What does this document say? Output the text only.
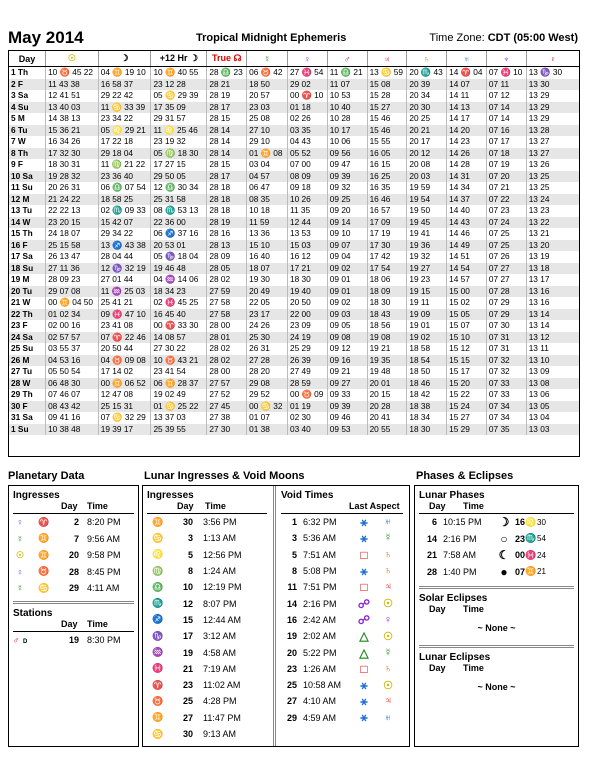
May 2014	Tropical Midnight Ephemeris	Time Zone: CDT (05:00 West)
Day	☉	☽	+12 Hr ☽	True ☊	☿	♀	♂	♃	♄	♅	♆	♇
1 Th	10 ♉ 45 22	04 ♊ 19 10	10 ♊ 40 55	28 ♎ 23	06 ♉ 42	27 ♓ 54	11 ♎ 21	13 ♋ 59	20 ♏ 43	14 ♈ 04	07 ♓ 10	13 ♑ 30
2 F	11 43 38	16 58 37	23 12 28	28 21	18 50	29 02	11 07	15 08	20 39	14 07	07 11	13 30
3 Sa	12 41 51	29 22 42	05 ♋ 29 39	28 19	20 57	00 ♈ 10	10 53	15 28	20 34	14 11	07 12	13 29
4 Su	13 40 03	11 ♋ 33 39	17 35 09	28 17	23 03	01 18	10 40	15 27	20 30	14 13	07 14	13 29
5 M	14 38 13	23 34 22	29 31 57	28 15	25 08	02 26	10 28	15 46	20 25	14 17	07 14	13 29
6 Tu	15 36 21	05 ♌ 29 21	11 ♌ 25 46	28 14	27 10	03 35	10 17	15 46	20 21	14 20	07 16	13 28
7 W	16 34 26	17 22 18	23 19 32	28 14	29 10	04 43	10 06	15 55	20 17	14 23	07 17	13 27
8 Th	17 32 30	29 18 04	05 ♍ 18 30	28 14	01 ♊ 08	05 52	09 56	16 05	20 12	14 26	07 18	13 27
9 F	18 30 31	11 ♍ 21 22	17 27 15	28 15	03 04	07 00	09 47	16 15	20 08	14 28	07 19	13 26
10 Sa	19 28 32	23 36 40	29 50 05	28 17	04 57	08 09	09 39	16 25	20 03	14 31	07 20	13 25
11 Su	20 26 31	06 ♎ 07 54	12 ♎ 30 34	28 18	06 47	09 18	09 32	16 35	19 59	14 34	07 21	13 25
12 M	21 24 22	18 58 25	25 31 58	28 18	08 35	10 26	09 25	16 46	19 54	14 37	07 22	13 24
13 Tu	22 22 13	02 ♏ 09 33	08 ♏ 53 13	28 18	10 18	11 35	09 20	16 57	19 50	14 40	07 23	13 23
14 W	23 20 15	15 42 07	22 36 00	28 19	11 59	12 44	09 14	17 09	19 45	14 43	07 24	13 22
15 Th	24 18 07	29 34 22	06 ♐ 37 16	28 16	13 36	13 53	09 10	17 19	19 41	14 46	07 25	13 21
16 F	25 15 58	13 ♐ 43 38	20 53 01	28 13	15 10	15 03	09 07	17 30	19 36	14 49	07 25	13 20
17 Sa	26 13 47	28 04 44	05 ♑ 18 04	28 09	16 40	16 12	09 04	17 42	19 32	14 51	07 26	13 19
18 Su	27 11 36	12 ♑ 32 19	19 46 48	28 05	18 07	17 21	09 02	17 54	19 27	14 54	07 27	13 18
19 M	28 09 23	27 01 44	04 ♒ 14 06	28 02	19 30	18 30	09 01	18 06	19 23	14 57	07 27	13 17
20 Tu	29 07 08	11 ♒ 25 03	18 34 23	27 59	20 49	19 40	09 01	18 09	19 15	15 00	07 28	13 16
21 W	00 ♊ 04 50	25 41 21	02 ♓ 45 25	27 58	22 05	20 50	09 02	18 30	19 11	15 02	07 29	13 16
22 Th	01 02 34	09 ♓ 47 10	16 45 40	27 58	23 17	22 00	09 03	18 43	19 09	15 05	07 29	13 14
23 F	02 00 16	23 41 08	00 ♈ 33 30	28 00	24 26	23 09	09 05	18 56	19 01	15 07	07 30	13 14
24 Sa	02 57 57	07 ♈ 22 46	14 08 57	28 01	25 30	24 19	09 08	19 08	19 02	15 10	07 31	13 12
25 Su	03 55 37	20 50 44	27 30 22	28 02	26 31	25 29	09 12	19 21	18 58	15 12	07 31	13 11
26 M	04 53 16	04 ♉ 09 08	10 ♉ 43 21	28 02	27 28	26 39	09 16	19 35	18 54	15 15	07 32	13 10
27 Tu	05 50 54	17 14 02	23 41 54	28 00	28 20	27 49	09 21	19 48	18 50	15 17	07 32	13 09
28 W	06 48 30	00 ♊ 06 52	06 ♊ 28 37	27 57	29 08	28 59	09 27	20 01	18 46	15 20	07 33	13 08
29 Th	07 46 07	12 47 08	19 02 49	27 52	29 52	00 ♉ 09	09 33	20 15	18 42	15 22	07 33	13 06
30 F	08 43 42	25 15 31	01 ♋ 25 22	27 45	00 ♋ 32	01 19	09 39	20 28	18 38	15 24	07 34	13 05
31 Sa	09 41 16	07 ♋ 32 29	13 37 03	27 38	01 07	02 30	09 46	20 41	18 34	15 27	07 34	13 04
1 Su	10 38 48	19 39 17	25 39 55	27 30	01 38	03 40	09 53	20 55	18 30	15 29	07 35	13 03
Planetary Data
Ingresses
Day	Time
♀	♈	2 8:20 PM
☿	♊	7 9:56 AM
☉	♊	20 9:58 PM
♀	♉	28 8:45 PM
☿	♋	29 4:11 AM
Stations
Day	Time
♂ D	19 8:30 PM
Lunar Ingresses & Void Moons
Ingresses
Day	Time
♊	30	3:56 PM
♋	3	1:13 AM
♌	5	12:56 PM
♍	8	1:24 AM
♎	10	12:19 PM
♏	12	8:07 PM
♐	15	12:44 AM
♑	17	3:12 AM
♒	19	4:58 AM
♓	21	7:19 AM
♈	23	11:02 AM
♉	25	4:28 PM
♊	27	11:47 PM
♋	30	9:13 AM
Void Times
Last Aspect
1 6:32 PM	⚹	♅
3 5:36 AM	⚹	☿
5 7:51 AM	□	♄
8 5:08 PM	⚹	♄
11 7:51 PM	□	♃
14 2:16 PM	☍	☉
16 2:42 AM	☍	♀
19 2:02 AM	△	☉
20 5:22 PM	△	☿
23 1:26 AM	□	♄
25 10:58 AM	⚹	☉
27 4:10 AM	⚹	♃
29 4:59 AM	⚹	♅
Phases & Eclipses
Lunar Phases
Day	Time
6 10:15 PM	☽ 16 ♌ 30
14 2:16 PM	○ 23 ♏ 54
21 7:58 AM	☾ 00 ♓ 24
28 1:40 PM	● 07 ♊ 21
Solar Eclipses
Day	Time
~ None ~
Lunar Eclipses
Day	Time
~ None ~
